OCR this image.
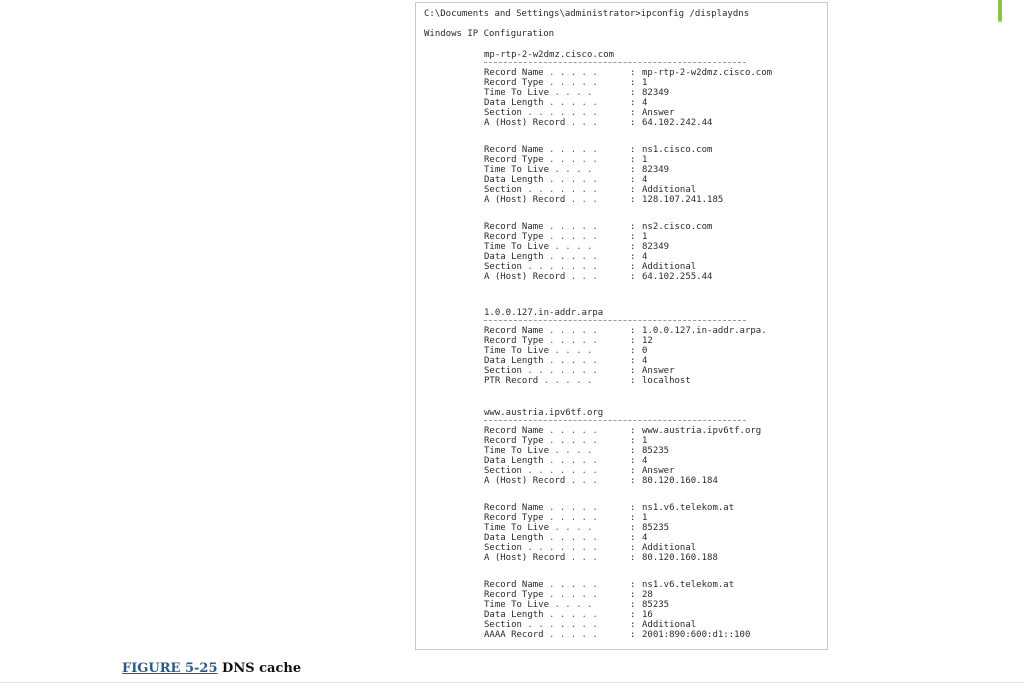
C:\Documents and Settings\administrator>ipconfig /displaydns
Windows IP Configuration
mp-rtp-2-w2dmz.cisco.com
Record Name . . . . .	: mp-rtp-2-w2dmz.cisco.com
Record Type . . . . .	: 1
Time To Live . . . .	: 82349
Data Length . . . . .	: 4
Section . . . . . . .	: Answer
A (Host) Record . . .	: 64.102.242.44
Record Name . . . . .	: ns1.cisco.com
Record Type . . . . .	: 1
Time To Live . . . .	: 82349
Data Length . . . . .	: 4
Section . . . . . . .	: Additional
A (Host) Record . . .	: 128.107.241.185
Record Name . . . . .	: ns2.cisco.com
Record Type . . . . .	: 1
Time To Live . . . .	: 82349
Data Length . . . . .	: 4
Section . . . . . . .	: Additional
A (Host) Record . . .	: 64.102.255.44
1.0.0.127.in-addr.arpa
Record Name . . . . .	: 1.0.0.127.in-addr.arpa.
Record Type . . . . .	: 12
Time To Live . . . .	: 0
Data Length . . . . .	: 4
Section . . . . . . .	: Answer
PTR Record . . . . .	: localhost
www.austria.ipv6tf.org
Record Name . . . . .	: www.austria.ipv6tf.org
Record Type . . . . .	: 1
Time To Live . . . .	: 85235
Data Length . . . . .	: 4
Section . . . . . . .	: Answer
A (Host) Record . . .	: 80.120.160.184
Record Name . . . . .	: ns1.v6.telekom.at
Record Type . . . . .	: 1
Time To Live . . . .	: 85235
Data Length . . . . .	: 4
Section . . . . . . .	: Additional
A (Host) Record . . .	: 80.120.160.188
Record Name . . . . .	: ns1.v6.telekom.at
Record Type . . . . .	: 28
Time To Live . . . .	: 85235
Data Length . . . . .	: 16
Section . . . . . . .	: Additional
AAAA Record . . . . .	: 2001:890:600:d1::100
FIGURE 5-25 DNS cache
